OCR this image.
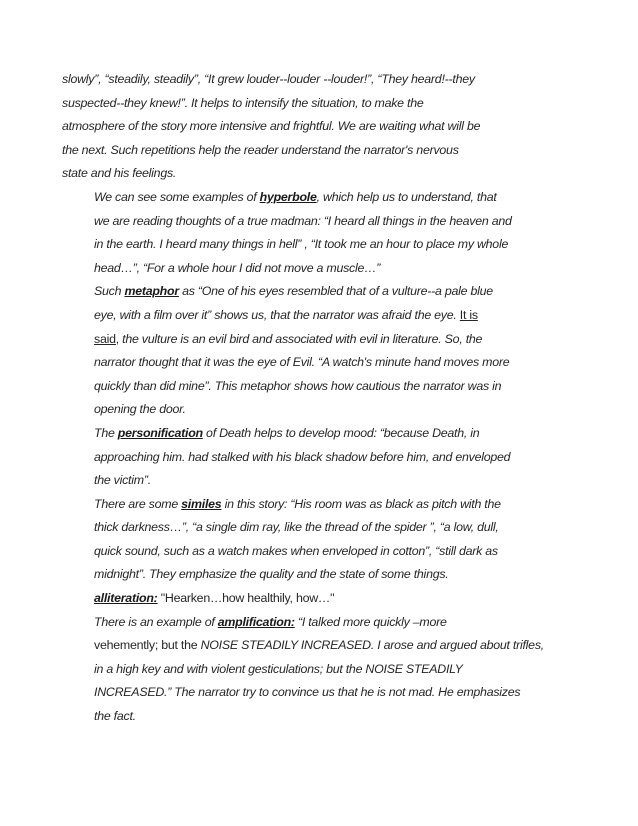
slowly”, “steadily, steadily”, “It grew louder--louder --louder!”, “They heard!--they
suspected--they knew!”. It helps to intensify the situation, to make the
atmosphere of the story more intensive and frightful. We are waiting what will be
the next. Such repetitions help the reader understand the narrator's nervous
state and his feelings.

We can see some examples of hyperbole, which help us to understand, that
we are reading thoughts of a true madman: “I heard all things in the heaven and
in the earth. I heard many things in hell” , “It took me an hour to place my whole
head…”, “For a whole hour I did not move a muscle…”

Such metaphor as “One of his eyes resembled that of a vulture--a pale blue
eye, with a film over it” shows us, that the narrator was afraid the eye. It is
said, the vulture is an evil bird and associated with evil in literature. So, the
narrator thought that it was the eye of Evil. “A watch's minute hand moves more
quickly than did mine”. This metaphor shows how cautious the narrator was in
opening the door.

The personification of Death helps to develop mood: “because Death, in
approaching him. had stalked with his black shadow before him, and enveloped
the victim”.

There are some similes in this story: “His room was as black as pitch with the
thick darkness…”, “a single dim ray, like the thread of the spider ”, “a low, dull,
quick sound, such as a watch makes when enveloped in cotton”, “still dark as
midnight”. They emphasize the quality and the state of some things.

alliteration: "Hearken…how healthily, how…"

There is an example of amplification: “I talked more quickly –more
vehemently; but the NOISE STEADILY INCREASED. I arose and argued about trifles,
in a high key and with violent gesticulations; but the NOISE STEADILY
INCREASED.” The narrator try to convince us that he is not mad. He emphasizes
the fact.
